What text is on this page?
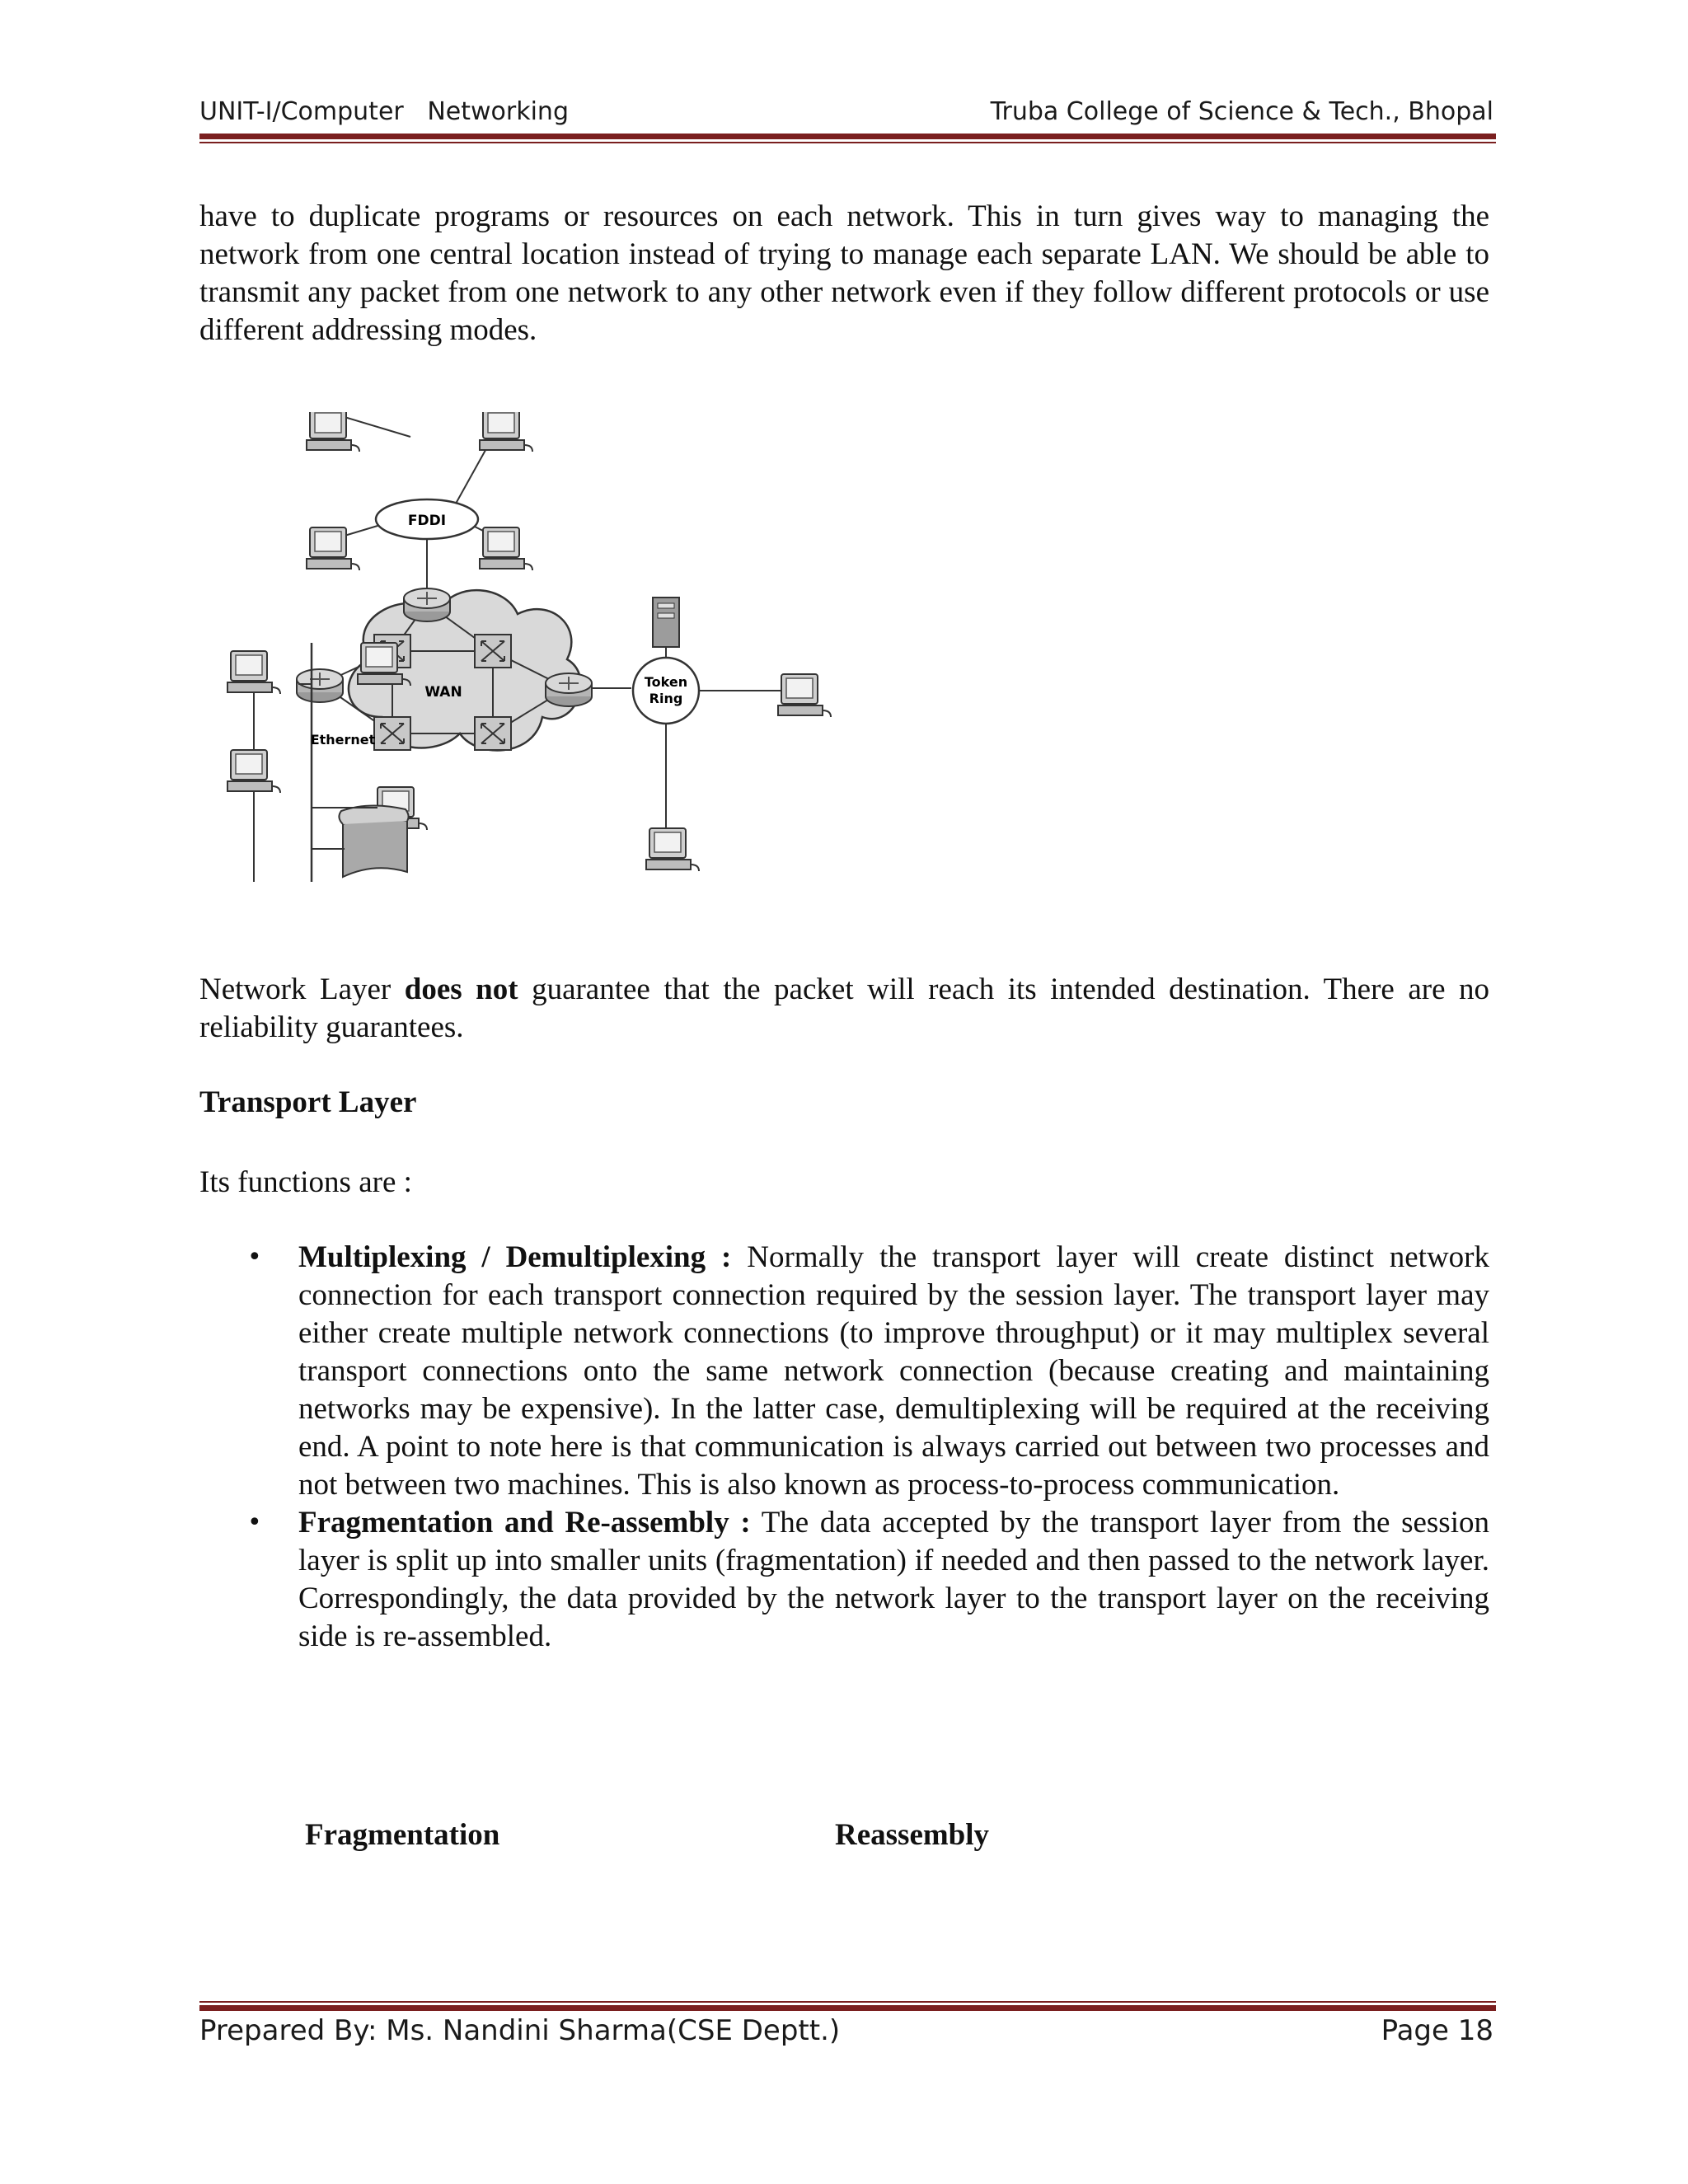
UNIT-I/Computer   Networking	Truba College of Science & Tech., Bhopal
have to duplicate programs or resources on each network. This in turn gives way to managing the network from one central location instead of trying to manage each separate LAN. We should be able to transmit any packet from one network to any other network even if they follow different protocols or use different addressing modes.
FDDI
WAN
Ethernet
Token
Ring
Network Layer does not guarantee that the packet will reach its intended destination. There are no reliability guarantees.
Transport Layer
Its functions are :
• Multiplexing / Demultiplexing : Normally the transport layer will create distinct network connection for each transport connection required by the session layer. The transport layer may either create multiple network connections (to improve throughput) or it may multiplex several transport connections onto the same network connection (because creating and maintaining networks may be expensive). In the latter case, demultiplexing will be required at the receiving end. A point to note here is that communication is always carried out between two processes and not between two machines. This is also known as process-to-process communication.
• Fragmentation and Re-assembly : The data accepted by the transport layer from the session layer is split up into smaller units (fragmentation) if needed and then passed to the network layer. Correspondingly, the data provided by the network layer to the transport layer on the receiving side is re-assembled.
Fragmentation	Reassembly
Prepared By: Ms. Nandini Sharma(CSE Deptt.)	Page 18
